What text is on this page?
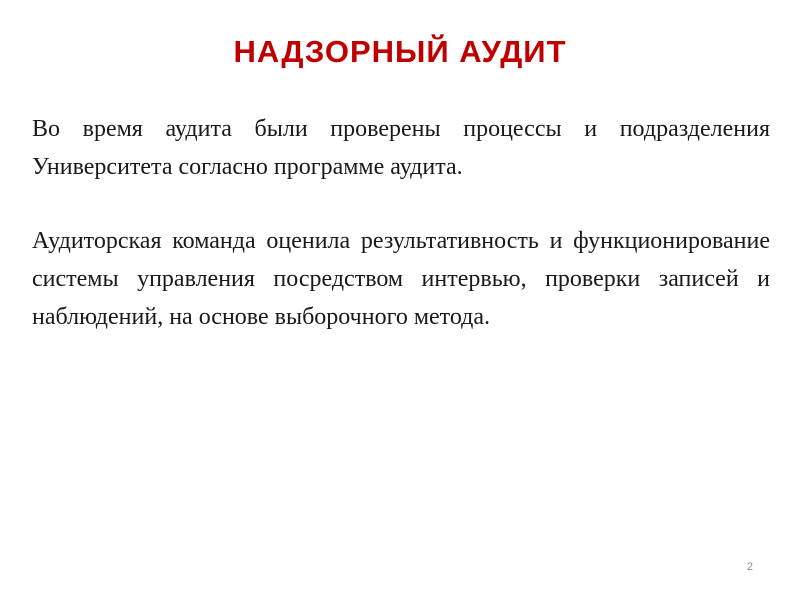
НАДЗОРНЫЙ АУДИТ

Во время аудита были проверены процессы и подразделения Университета согласно программе аудита.

Аудиторская команда оценила результативность и функционирование системы управления посредством интервью, проверки записей и наблюдений, на основе выборочного метода.

2
